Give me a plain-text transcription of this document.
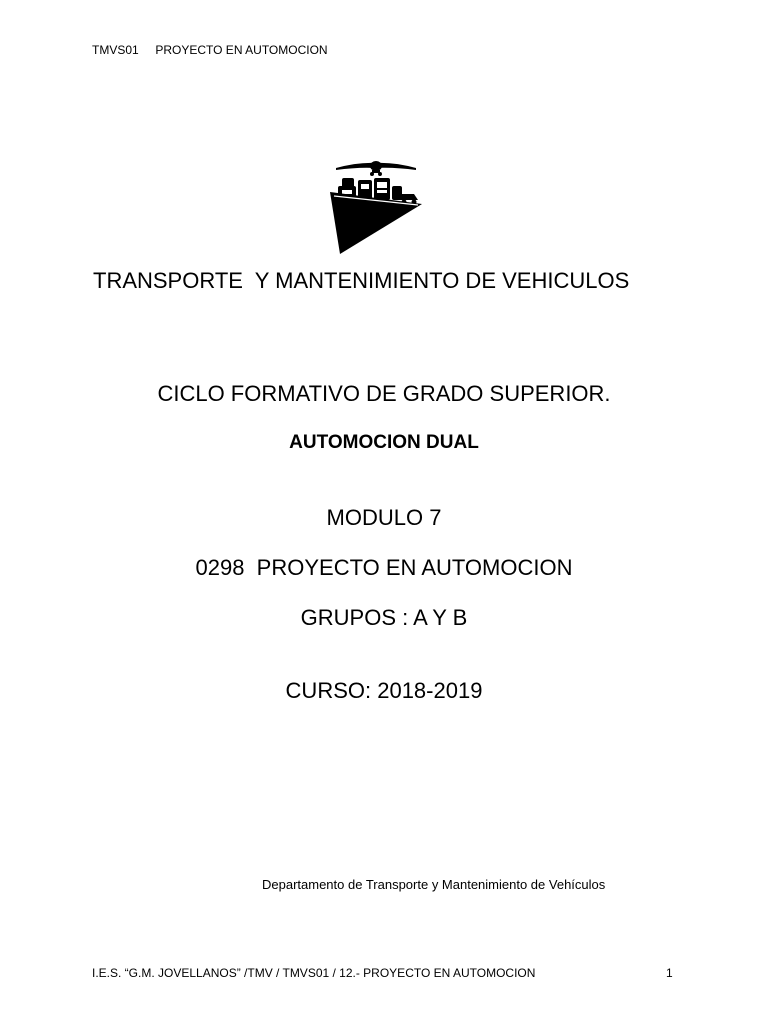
TMVS01     PROYECTO EN AUTOMOCION
TRANSPORTE  Y MANTENIMIENTO DE VEHICULOS
CICLO FORMATIVO DE GRADO SUPERIOR.
AUTOMOCION DUAL
MODULO 7
0298  PROYECTO EN AUTOMOCION
GRUPOS : A Y B
CURSO: 2018-2019
Departamento de Transporte y Mantenimiento de Vehículos
I.E.S. “G.M. JOVELLANOS” /TMV / TMVS01 / 12.- PROYECTO EN AUTOMOCION	1
